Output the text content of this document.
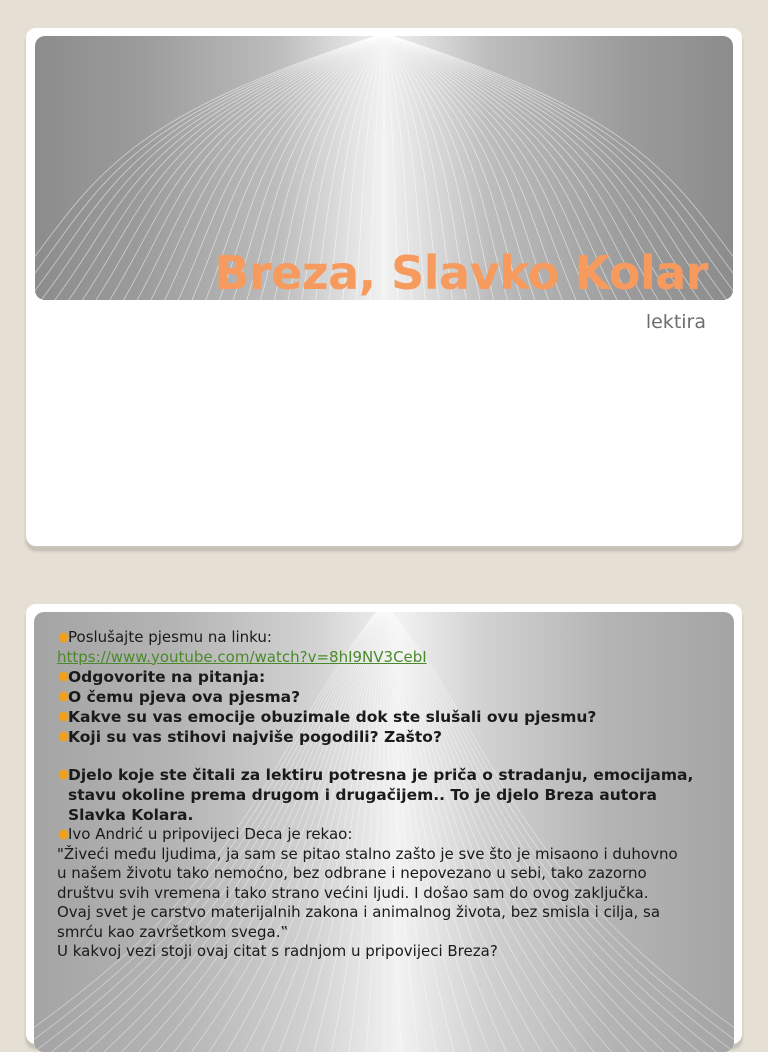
Breza, Slavko Kolar

lektira

●
Poslušajte pjesmu na linku:

https://www.youtube.com/watch?v=8hI9NV3CebI

●
Odgovorite na pitanja:

●
O čemu pjeva ova pjesma?

●
Kakve su vas emocije obuzimale dok ste slušali ovu pjesmu?

●
Koji su vas stihovi najviše pogodili? Zašto?

●
Djelo koje ste čitali za lektiru potresna je priča o stradanju, emocijama,

stavu okoline prema drugom i drugačijem.. To je djelo Breza autora

Slavka Kolara.

●
Ivo Andrić u pripovijeci Deca je rekao:

"Živeći među ljudima, ja sam se pitao stalno zašto je sve što je misaono i duhovno

u našem životu tako nemoćno, bez odbrane i nepovezano u sebi, tako zazorno

društvu svih vremena i tako strano većini ljudi. I došao sam do ovog zaključka.

Ovaj svet je carstvo materijalnih zakona i animalnog života, bez smisla i cilja, sa

smrću kao završetkom svega.‟

U kakvoj vezi stoji ovaj citat s radnjom u pripovijeci Breza?
